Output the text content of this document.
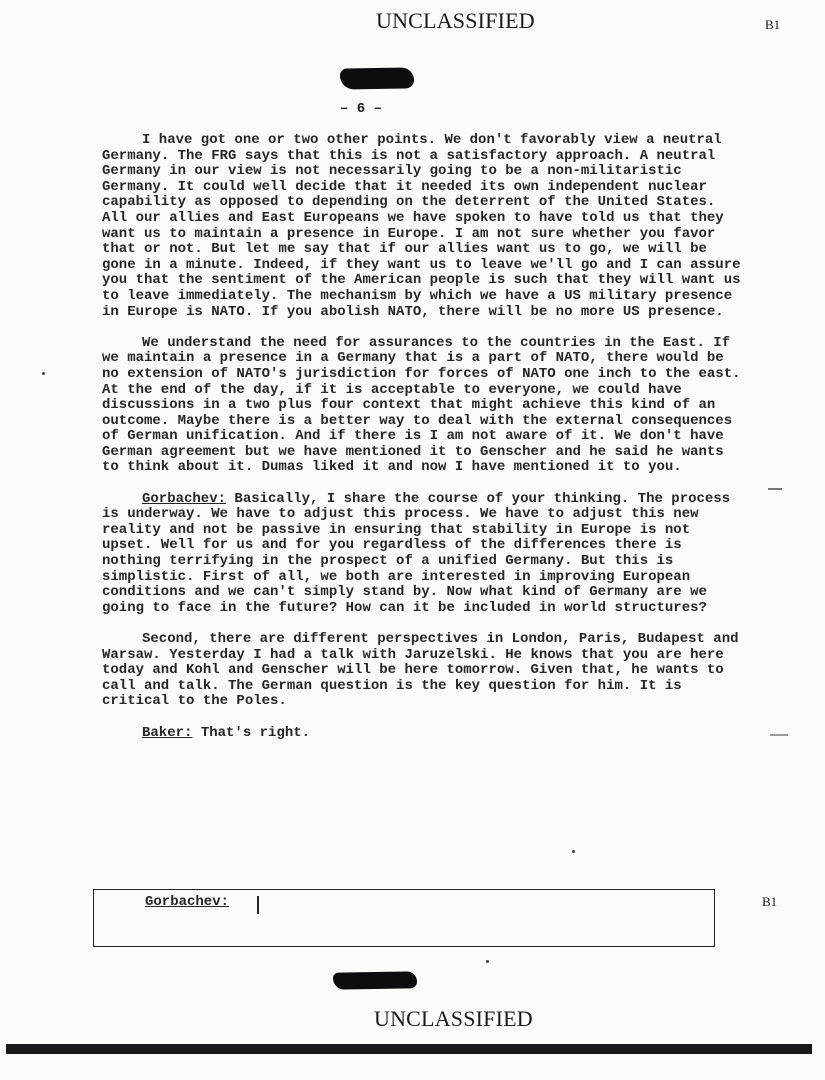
UNCLASSIFIED	B1
– 6 –

I have got one or two other points. We don't favorably view a neutral Germany. The FRG says that this is not a satisfactory approach. A neutral Germany in our view is not necessarily going to be a non-militaristic Germany. It could well decide that it needed its own independent nuclear capability as opposed to depending on the deterrent of the United States. All our allies and East Europeans we have spoken to have told us that they want us to maintain a presence in Europe. I am not sure whether you favor that or not. But let me say that if our allies want us to go, we will be gone in a minute. Indeed, if they want us to leave we'll go and I can assure you that the sentiment of the American people is such that they will want us to leave immediately. The mechanism by which we have a US military presence in Europe is NATO. If you abolish NATO, there will be no more US presence.

We understand the need for assurances to the countries in the East. If we maintain a presence in a Germany that is a part of NATO, there would be no extension of NATO's jurisdiction for forces of NATO one inch to the east. At the end of the day, if it is acceptable to everyone, we could have discussions in a two plus four context that might achieve this kind of an outcome. Maybe there is a better way to deal with the external consequences of German unification. And if there is I am not aware of it. We don't have German agreement but we have mentioned it to Genscher and he said he wants to think about it. Dumas liked it and now I have mentioned it to you.

Gorbachev: Basically, I share the course of your thinking. The process is underway. We have to adjust this process. We have to adjust this new reality and not be passive in ensuring that stability in Europe is not upset. Well for us and for you regardless of the differences there is nothing terrifying in the prospect of a unified Germany. But this is simplistic. First of all, we both are interested in improving European conditions and we can't simply stand by. Now what kind of Germany are we going to face in the future? How can it be included in world structures?

Second, there are different perspectives in London, Paris, Budapest and Warsaw. Yesterday I had a talk with Jaruzelski. He knows that you are here today and Kohl and Genscher will be here tomorrow. Given that, he wants to call and talk. The German question is the key question for him. It is critical to the Poles.

Baker: That's right.

Gorbachev:	B1
UNCLASSIFIED
